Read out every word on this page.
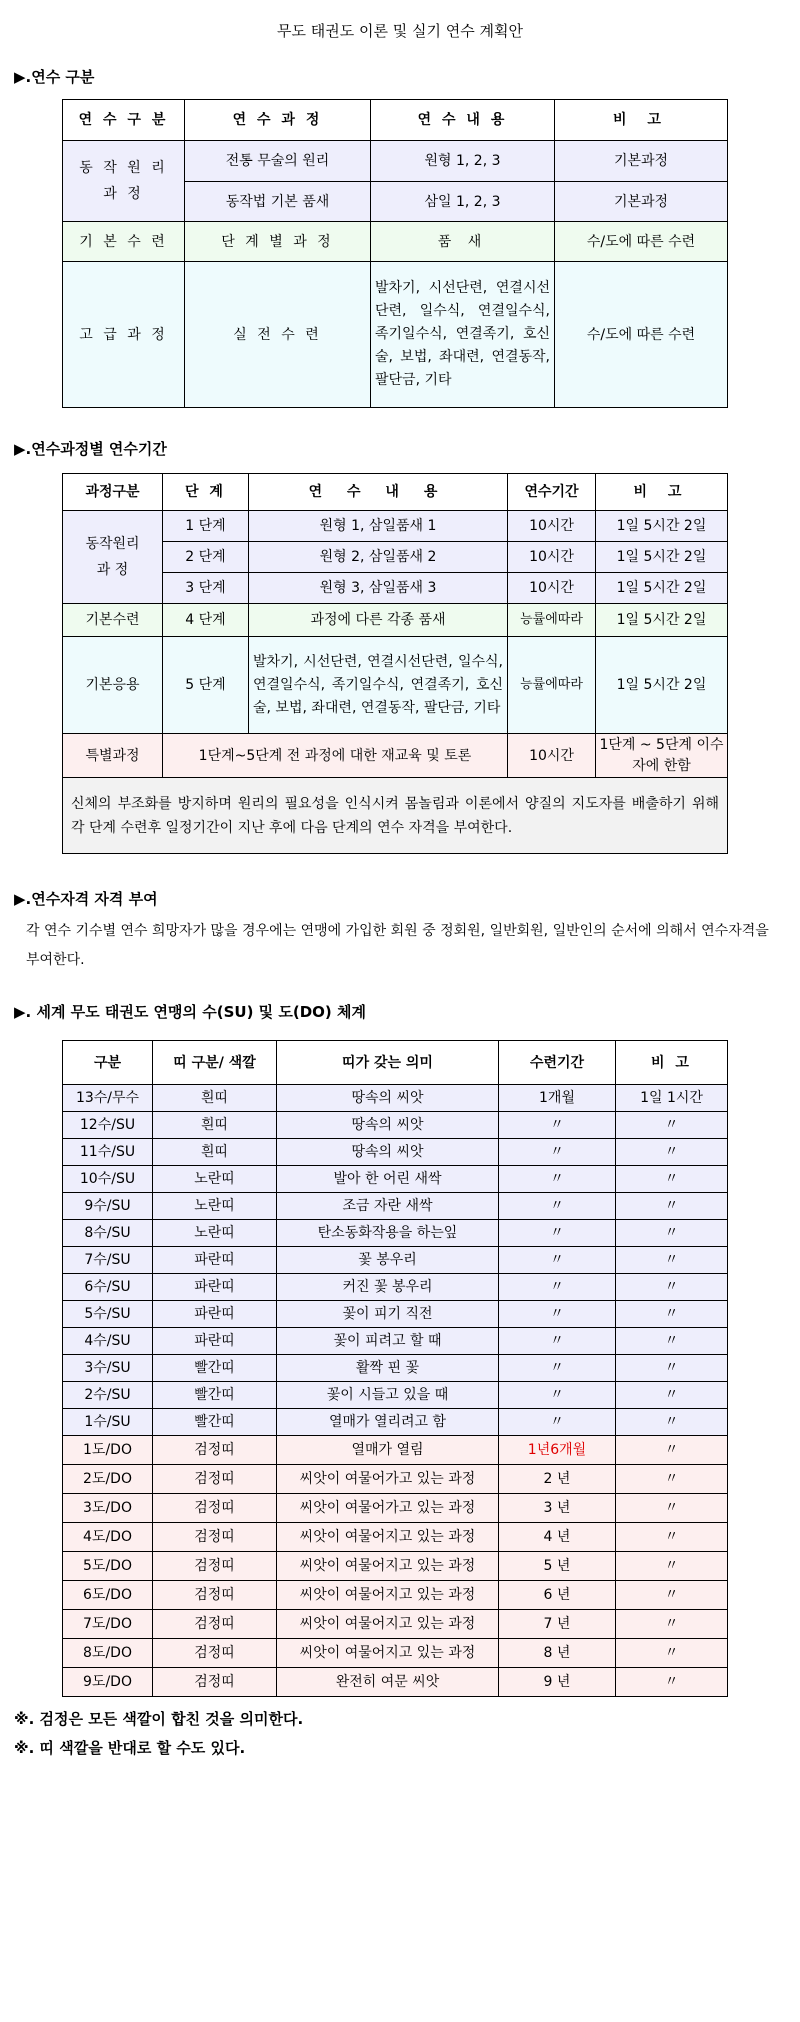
무도 태권도 이론 및 실기 연수 계획안
▶.연수 구분
연 수 구 분	연 수 과 정	연 수 내 용	비 고
동 작 원 리
과 정	전통 무술의 원리	원형 1, 2, 3	기본과정
	동작법 기본 품새	삼일 1, 2, 3	기본과정
기 본 수 련	단 계 별 과 정	품 새	수/도에 따른 수련
고 급 과 정	실 전 수 련	발차기, 시선단련, 연결시선단련, 일수식, 연결일수식, 족기일수식, 연결족기, 호신술, 보법, 좌대련, 연결동작, 팔단금, 기타	수/도에 따른 수련
▶.연수과정별 연수기간
과정구분	단 계	연 수 내 용	연수기간	비 고
동작원리
과 정	1 단계	원형 1, 삼일품새 1	10시간	1일 5시간 2일
	2 단계	원형 2, 삼일품새 2	10시간	1일 5시간 2일
	3 단계	원형 3, 삼일품새 3	10시간	1일 5시간 2일
기본수련	4 단계	과정에 다른 각종 품새	능률에따라	1일 5시간 2일
기본응용	5 단계	발차기, 시선단련, 연결시선단련, 일수식, 연결일수식, 족기일수식, 연결족기, 호신술, 보법, 좌대련, 연결동작, 팔단금, 기타	능률에따라	1일 5시간 2일
특별과정	1단계~5단계 전 과정에 대한 재교육 및 토론		10시간	1단계 ~ 5단계 이수자에 한함
신체의 부조화를 방지하며 원리의 필요성을 인식시켜 몸놀림과 이론에서 양질의 지도자를 배출하기 위해 각 단계 수련후 일정기간이 지난 후에 다음 단계의 연수 자격을 부여한다.				
▶.연수자격 자격 부여
각 연수 기수별 연수 희망자가 많을 경우에는 연맹에 가입한 회원 중 정회원, 일반회원, 일반인의 순서에 의해서 연수자격을 부여한다.
▶. 세계 무도 태권도 연맹의 수(SU) 및 도(DO) 체계
구분	띠 구분/ 색깔	띠가 갖는 의미	수련기간	비 고
13수/무수	흰띠	땅속의 씨앗	1개월	1일 1시간
12수/SU	흰띠	땅속의 씨앗	〃	〃
11수/SU	흰띠	땅속의 씨앗	〃	〃
10수/SU	노란띠	발아 한 어린 새싹	〃	〃
9수/SU	노란띠	조금 자란 새싹	〃	〃
8수/SU	노란띠	탄소동화작용을 하는잎	〃	〃
7수/SU	파란띠	꽃 봉우리	〃	〃
6수/SU	파란띠	커진 꽃 봉우리	〃	〃
5수/SU	파란띠	꽃이 피기 직전	〃	〃
4수/SU	파란띠	꽃이 피려고 할 때	〃	〃
3수/SU	빨간띠	활짝 핀 꽃	〃	〃
2수/SU	빨간띠	꽃이 시들고 있을 때	〃	〃
1수/SU	빨간띠	열매가 열리려고 함	〃	〃
1도/DO	검정띠	열매가 열림	1년6개월	〃
2도/DO	검정띠	씨앗이 여물어가고 있는 과정	2 년	〃
3도/DO	검정띠	씨앗이 여물어가고 있는 과정	3 년	〃
4도/DO	검정띠	씨앗이 여물어지고 있는 과정	4 년	〃
5도/DO	검정띠	씨앗이 여물어지고 있는 과정	5 년	〃
6도/DO	검정띠	씨앗이 여물어지고 있는 과정	6 년	〃
7도/DO	검정띠	씨앗이 여물어지고 있는 과정	7 년	〃
8도/DO	검정띠	씨앗이 여물어지고 있는 과정	8 년	〃
9도/DO	검정띠	완전히 여문 씨앗	9 년	〃
※. 검정은 모든 색깔이 합친 것을 의미한다.
※. 띠 색깔을 반대로 할 수도 있다.
